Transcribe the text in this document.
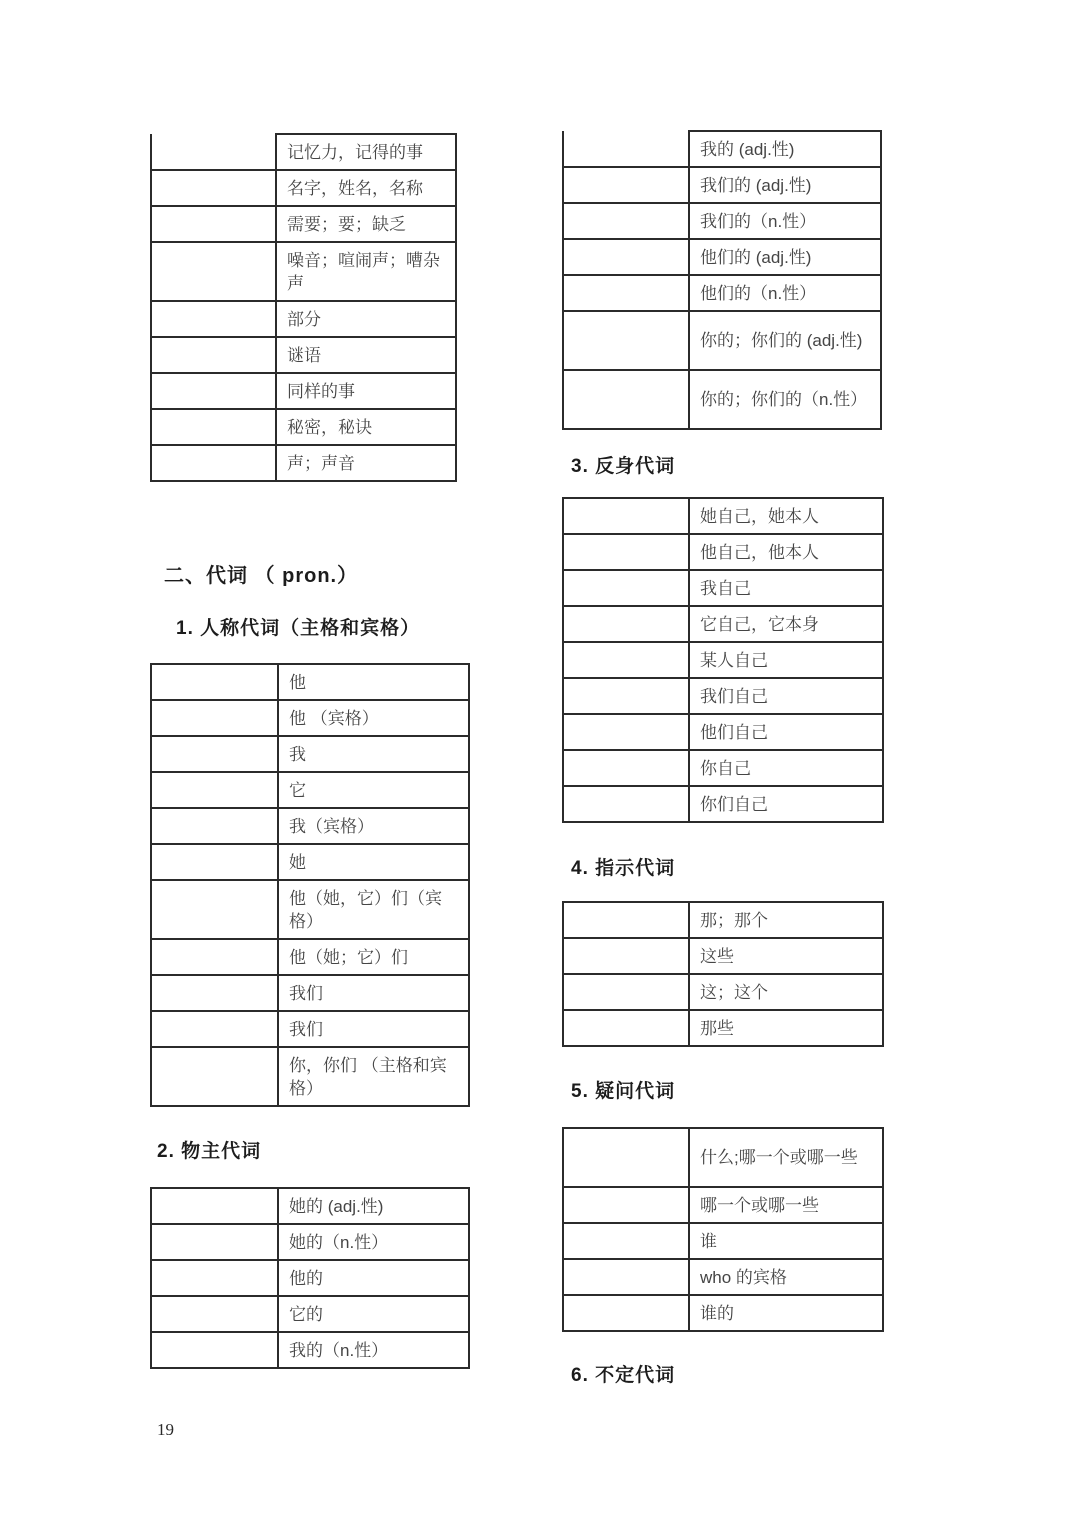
	记忆力，记得的事
	名字，姓名，名称
	需要；要；缺乏
	噪音；喧闹声；嘈杂声
	部分
	谜语
	同样的事
	秘密，秘诀
	声；声音
	我的 (adj.性)
	我们的 (adj.性)
	我们的（n.性）
	他们的 (adj.性)
	他们的（n.性）
	你的；你们的 (adj.性)
	你的；你们的（n.性）
二、代词 （ pron.）
1. 人称代词（主格和宾格）
	他
	他 （宾格）
	我
	它
	我（宾格）
	她
	他（她，它）们（宾格）
	他（她；它）们
	我们
	我们
	你，你们 （主格和宾格）
2. 物主代词
	她的 (adj.性)
	她的（n.性）
	他的
	它的
	我的（n.性）
3. 反身代词
	她自己，她本人
	他自己，他本人
	我自己
	它自己，它本身
	某人自己
	我们自己
	他们自己
	你自己
	你们自己
4. 指示代词
	那；那个
	这些
	这；这个
	那些
5. 疑问代词
	什么;哪一个或哪一些
	哪一个或哪一些
	谁
	who 的宾格
	谁的
6. 不定代词
19
